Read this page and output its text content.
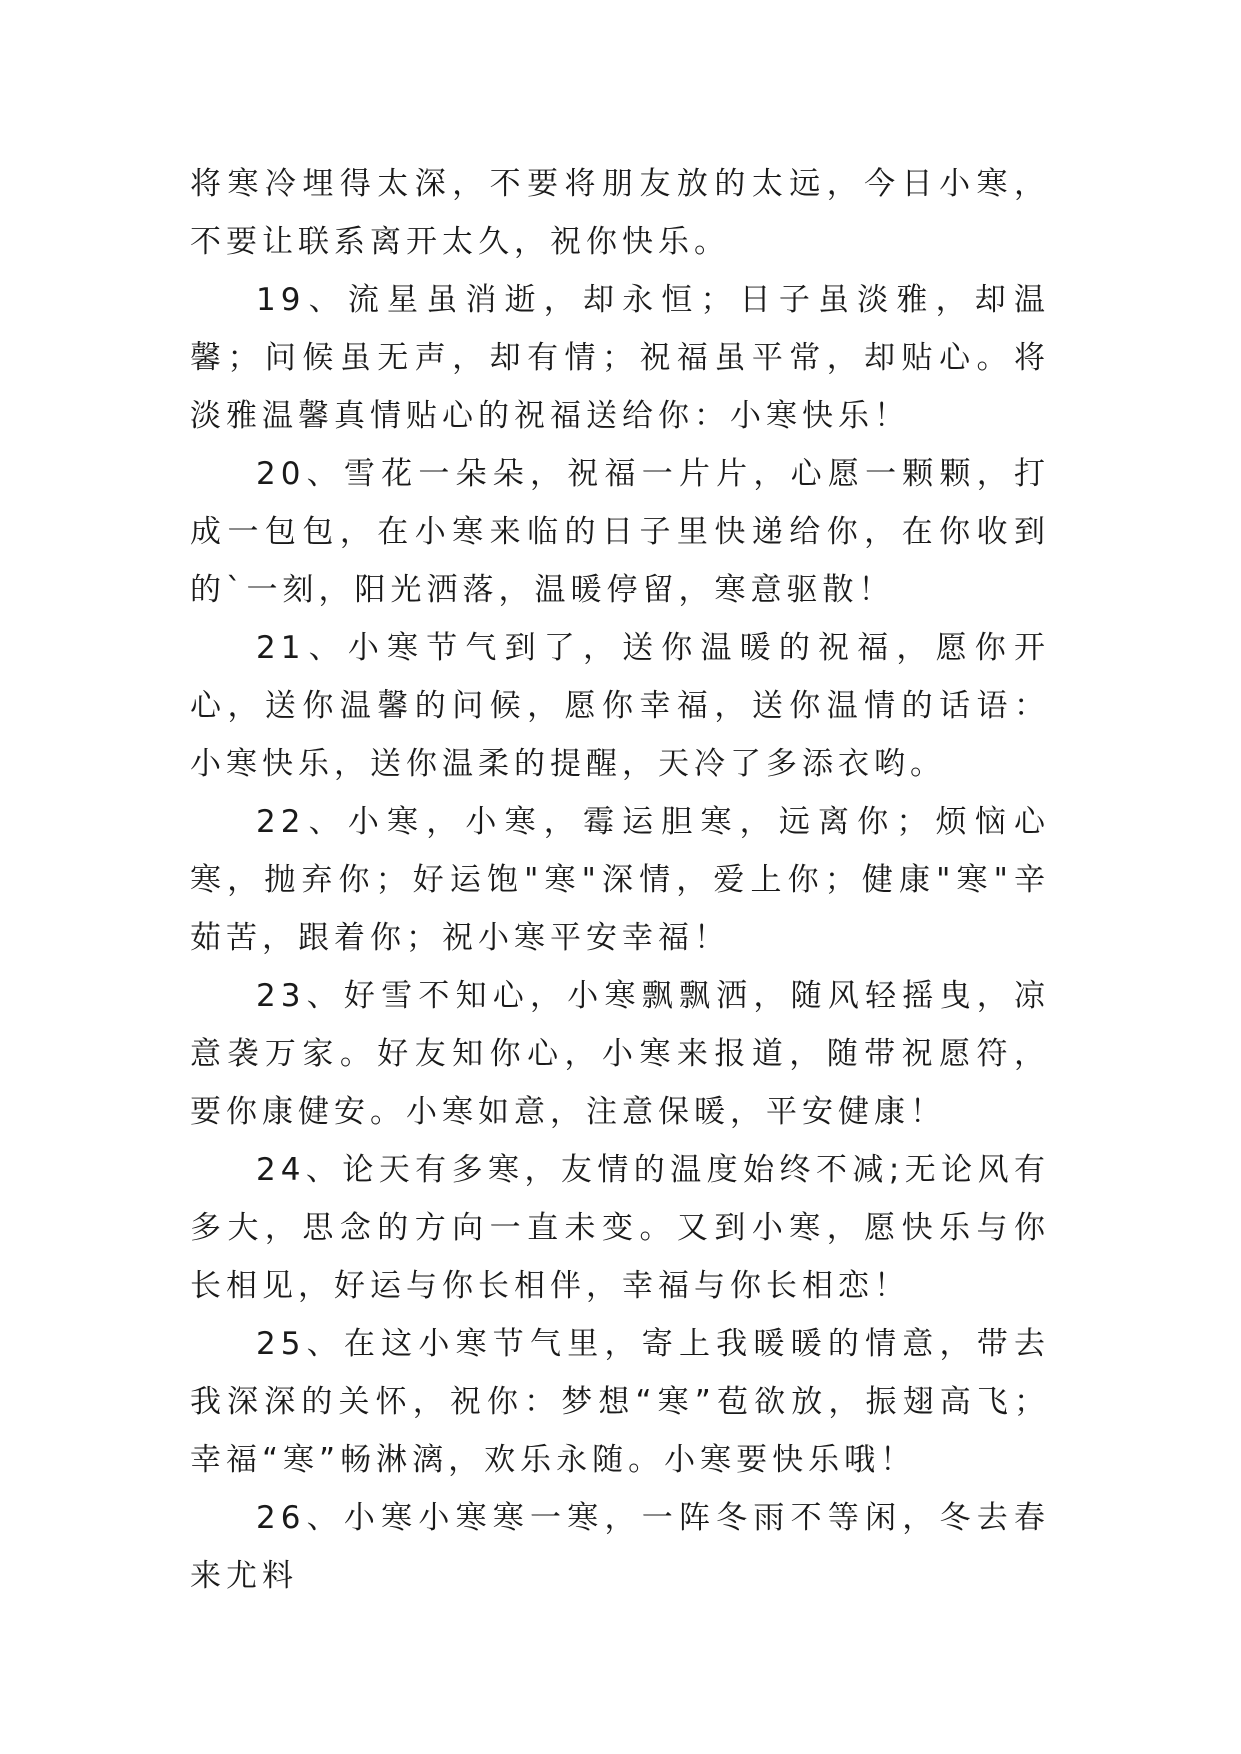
将寒冷埋得太深，不要将朋友放的太远，今日小寒，不要让联系离开太久，祝你快乐。

19、流星虽消逝，却永恒；日子虽淡雅，却温馨；问候虽无声，却有情；祝福虽平常，却贴心。将淡雅温馨真情贴心的祝福送给你：小寒快乐！

20、雪花一朵朵，祝福一片片，心愿一颗颗，打成一包包，在小寒来临的日子里快递给你，在你收到的`一刻，阳光洒落，温暖停留，寒意驱散！

21、小寒节气到了，送你温暖的祝福，愿你开心，送你温馨的问候，愿你幸福，送你温情的话语：小寒快乐，送你温柔的提醒，天冷了多添衣哟。

22、小寒，小寒，霉运胆寒，远离你；烦恼心寒，抛弃你；好运饱"寒"深情，爱上你；健康"寒"辛茹苦，跟着你；祝小寒平安幸福！

23、好雪不知心，小寒飘飘洒，随风轻摇曳，凉意袭万家。好友知你心，小寒来报道，随带祝愿符，要你康健安。小寒如意，注意保暖，平安健康！

24、论天有多寒，友情的温度始终不减;无论风有多大，思念的方向一直未变。又到小寒，愿快乐与你长相见，好运与你长相伴，幸福与你长相恋！

25、在这小寒节气里，寄上我暖暖的情意，带去我深深的关怀，祝你：梦想“寒”苞欲放，振翅高飞；幸福“寒”畅淋漓，欢乐永随。小寒要快乐哦！

26、小寒小寒寒一寒，一阵冬雨不等闲，冬去春来尤料
